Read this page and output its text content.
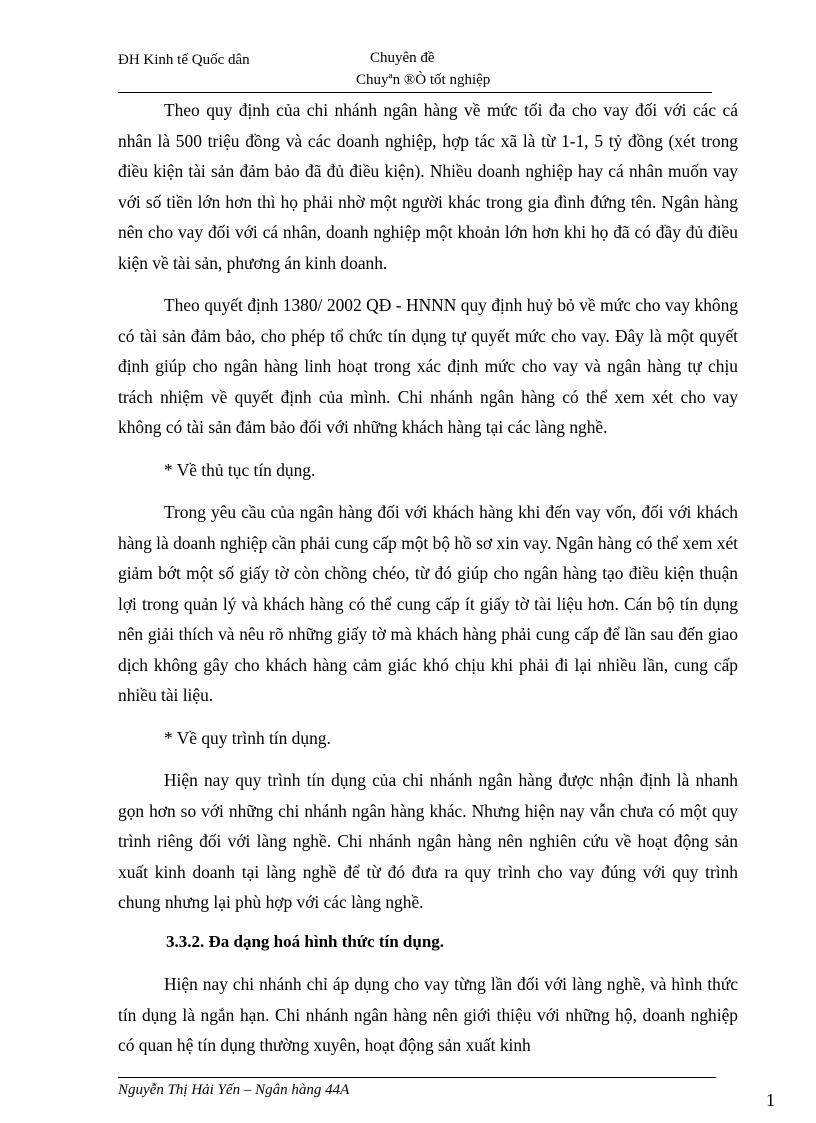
ĐH Kinh tế Quốc dân	Chuyên đề
Chuyªn ®Ò tốt nghiệp

Theo quy định của chi nhánh ngân hàng về mức tối đa cho vay đối với các cá nhân là 500 triệu đồng và các doanh nghiệp, hợp tác xã là từ 1-1, 5 tỷ đồng (xét trong điều kiện tài sản đảm bảo đã đủ điều kiện). Nhiều doanh nghiệp hay cá nhân muốn vay với số tiền lớn hơn thì họ phải nhờ một người khác trong gia đình đứng tên. Ngân hàng nên cho vay đối với cá nhân, doanh nghiệp một khoản lớn hơn khi họ đã có đầy đủ điều kiện về tài sản, phương án kinh doanh.

Theo quyết định 1380/ 2002 QĐ - HNNN quy định huỷ bỏ về mức cho vay không có tài sản đảm bảo, cho phép tổ chức tín dụng tự quyết mức cho vay. Đây là một quyết định giúp cho ngân hàng linh hoạt trong xác định mức cho vay và ngân hàng tự chịu trách nhiệm về quyết định của mình. Chi nhánh ngân hàng có thể xem xét cho vay không có tài sản đảm bảo đối với những khách hàng tại các làng nghề.

* Về thủ tục tín dụng.

Trong yêu cầu của ngân hàng đối với khách hàng khi đến vay vốn, đối với khách hàng là doanh nghiệp cần phải cung cấp một bộ hồ sơ xin vay. Ngân hàng có thể xem xét giảm bớt một số giấy tờ còn chồng chéo, từ đó giúp cho ngân hàng tạo điều kiện thuận lợi trong quản lý và khách hàng có thể cung cấp ít giấy tờ tài liệu hơn. Cán bộ tín dụng nên giải thích và nêu rõ những giấy tờ mà khách hàng phải cung cấp để lần sau đến giao dịch không gây cho khách hàng cảm giác khó chịu khi phải đi lại nhiều lần, cung cấp nhiều tài liệu.

* Về quy trình tín dụng.

Hiện nay quy trình tín dụng của chi nhánh ngân hàng được nhận định là nhanh gọn hơn so với những chi nhánh ngân hàng khác. Nhưng hiện nay vẫn chưa có một quy trình riêng đối với làng nghề. Chi nhánh ngân hàng nên nghiên cứu về hoạt động sản xuất kinh doanh tại làng nghề để từ đó đưa ra quy trình cho vay đúng với quy trình chung nhưng lại phù hợp với các làng nghề.

3.3.2. Đa dạng hoá hình thức tín dụng.

Hiện nay chi nhánh chỉ áp dụng cho vay từng lần đối với làng nghề, và hình thức tín dụng là ngắn hạn. Chi nhánh ngân hàng nên giới thiệu với những hộ, doanh nghiệp có quan hệ tín dụng thường xuyên, hoạt động sản xuất kinh

Nguyễn Thị Hải Yến – Ngân hàng 44A	1
